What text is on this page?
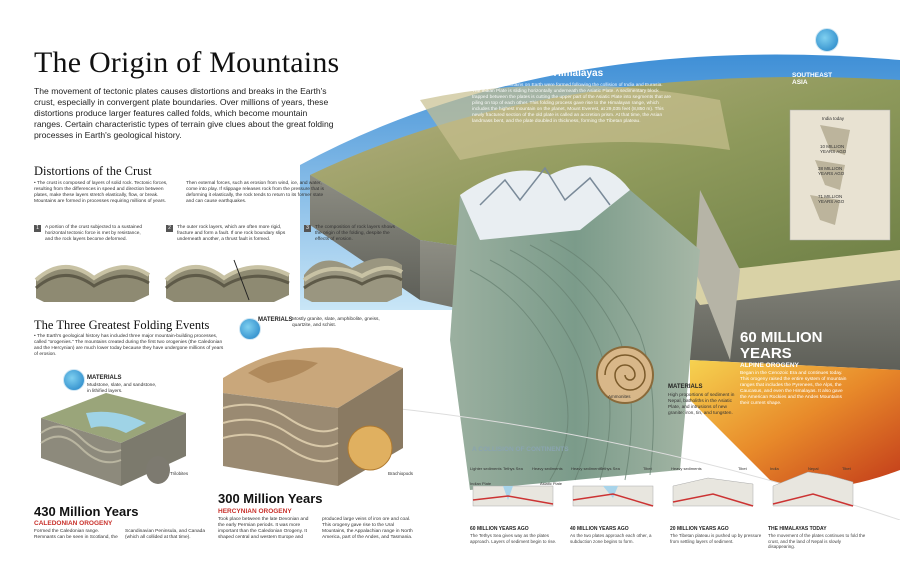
The Origin of Mountains
The movement of tectonic plates causes distortions and breaks in the Earth's crust, especially in convergent plate boundaries. Over millions of years, these distortions produce larger features called folds, which become mountain ranges. Certain characteristic types of terrain give clues about the great folding processes in Earth's geological history.
Formation of the Himalayas
• The highest mountains on Earth were formed following the collision of India and Eurasia. The Indian Plate is sliding horizontally underneath the Asiatic Plate. A sedimentary block trapped between the plates is cutting the upper part of the Asiatic Plate into segments that are piling on top of each other. This folding process gave rise to the Himalayan range, which includes the highest mountain on the planet, Mount Everest, at 29,035 feet (8,850 m). This newly fractured section of the old plate is called an accretion prism. At that time, the Asian landmass bent, and the plate doubled in thickness, forming the Tibetan plateau.
SOUTHEAST ASIA
India today
10 MILLION YEARS AGO
38 MILLION YEARS AGO
71 MILLION YEARS AGO
Ammonites
60 MILLION YEARS
ALPINE OROGENY
Began in the Cenozoic Era and continues today. This orogeny raised the entire system of mountain ranges that includes the Pyrenees, the Alps, the Caucasus, and even the Himalayas. It also gave the American Rockies and the Andes Mountains their current shape.
MATERIALS
High proportions of sediment in Nepal, batholiths in the Asiatic Plate, and intrusions of new granite: iron, tin, and tungsten.
Distortions of the Crust
• The crust is composed of layers of solid rock. Tectonic forces, resulting from the differences in speed and direction between plates, make these layers stretch elastically, flow, or break. Mountains are formed in processes requiring millions of years.
Then external forces, such as erosion from wind, ice, and water, come into play. If slippage releases rock from the pressure that is deforming it elastically, the rock tends to return to its former state and can cause earthquakes.
1	A portion of the crust subjected to a sustained horizontal tectonic force is met by resistance, and the rock layers become deformed.
2	The outer rock layers, which are often more rigid, fracture and form a fault. If one rock boundary slips underneath another, a thrust fault is formed.
3	The composition of rock layers shows the origin of the folding, despite the effects of erosion.
The Three Greatest Folding Events
• The Earth's geological history has included three major mountain-building processes, called "orogenies." The mountains created during the first two orogenies (the Caledonian and the Hercynian) are much lower today because they have undergone millions of years of erosion.
MATERIALS
Mudstone, slate, and sandstone, in lithified layers.
Trilobites
430 Million Years
CALEDONIAN OROGENY
Formed the Caledonian range. Remnants can be seen in Scotland, the
Scandinavian Peninsula, and Canada (which all collided at that time).
MATERIALS Mostly granite, slate, amphibolite, gneiss, quartzite, and schist.
Brachiopods
300 Million Years
HERCYNIAN OROGENY
Took place between the late Devonian and the early Permian periods. It was more important than the Caledonian Orogeny. It shaped central and western Europe and
produced large veins of iron ore and coal. This orogeny gave rise to the Ural Mountains, the Appalachian range in North America, part of the Andes, and Tasmania.
A COLLISION OF CONTINENTS
Lighter sediments Tethys Sea Heavy sediments
Indian Plate	Asiatic Plate
Heavy sediments
Tethys Sea	Tibet	Heavy sediments	Tibet	India	Nepal	Tibet
60 MILLION YEARS AGO
The Tethys Sea gives way as the plates approach. Layers of sediment begin to rise.
40 MILLION YEARS AGO
As the two plates approach each other, a subduction zone begins to form.
20 MILLION YEARS AGO
The Tibetan plateau is pushed up by pressure from settling layers of sediment.
THE HIMALAYAS TODAY
The movement of the plates continues to fold the crust, and the land of Nepal is slowly disappearing.
